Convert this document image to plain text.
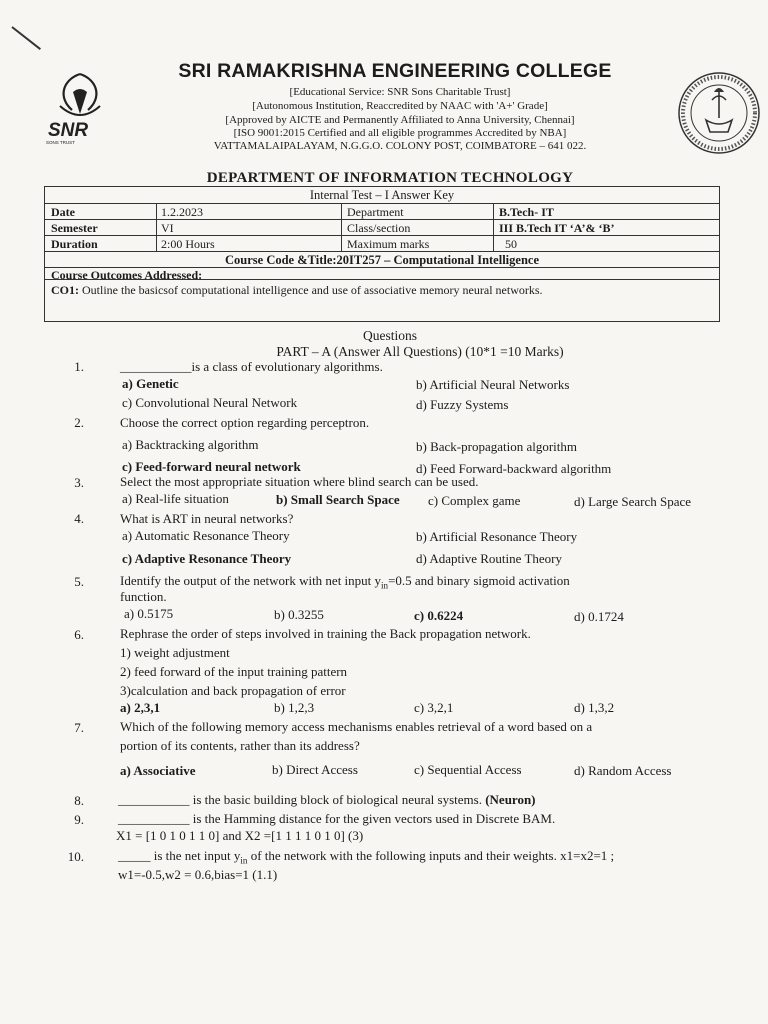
SNR
SONS TRUST
SRI RAMAKRISHNA ENGINEERING COLLEGE
[Educational Service: SNR Sons Charitable Trust]
[Autonomous Institution, Reaccredited by NAAC with 'A+' Grade]
[Approved by AICTE and Permanently Affiliated to Anna University, Chennai]
[ISO 9001:2015 Certified and all eligible programmes Accredited by NBA]
VATTAMALAIPALAYAM, N.G.G.O. COLONY POST, COIMBATORE – 641 022.
DEPARTMENT OF INFORMATION TECHNOLOGY
Internal Test – I Answer Key
Date	1.2.2023	Department	B.Tech- IT
Semester	VI	Class/section	III B.Tech IT ‘A’& ‘B’
Duration	2:00 Hours	Maximum marks	50
Course Code &Title:20IT257 – Computational Intelligence
Course Outcomes Addressed:
CO1: Outline the basicsof computational intelligence and use of associative memory neural networks.
Questions
PART – A (Answer All Questions) (10*1 =10 Marks)
1.	___________is a class of evolutionary algorithms.
a) Genetic	b) Artificial Neural Networks
c) Convolutional Neural Network	d) Fuzzy Systems
2.	Choose the correct option regarding perceptron.
a) Backtracking algorithm	b) Back-propagation algorithm
c) Feed-forward neural network	d) Feed Forward-backward algorithm
3.	Select the most appropriate situation where blind search can be used.
a) Real-life situation	b) Small Search Space c) Complex game	d) Large Search Space
4.	What is ART in neural networks?
a) Automatic Resonance Theory	b) Artificial Resonance Theory
c) Adaptive Resonance Theory	d) Adaptive Routine Theory
5.	Identify the output of the network with net input $y_{in}=0.5$ and binary sigmoid activation
function.
a) 0.5175	b) 0.3255	c) 0.6224	d) 0.1724
6.	Rephrase the order of steps involved in training the Back propagation network.
1) weight adjustment
2) feed forward of the input training pattern
3)calculation and back propagation of error
a) 2,3,1	b) 1,2,3	c) 3,2,1	d) 1,3,2
7.	Which of the following memory access mechanisms enables retrieval of a word based on a
portion of its contents, rather than its address?
a) Associative	b) Direct Access	c) Sequential Access	d) Random Access
8.	___________ is the basic building block of biological neural systems. (Neuron)
9.	___________ is the Hamming distance for the given vectors used in Discrete BAM.
X1 = [1 0 1 0 1 1 0] and X2 =[1 1 1 1 0 1 0] (3)
10.	_____ is the net input $y_{in}$ of the network with the following inputs and their weights. x1=x2=1 ;
w1=-0.5,w2 = 0.6,bias=1 (1.1)
